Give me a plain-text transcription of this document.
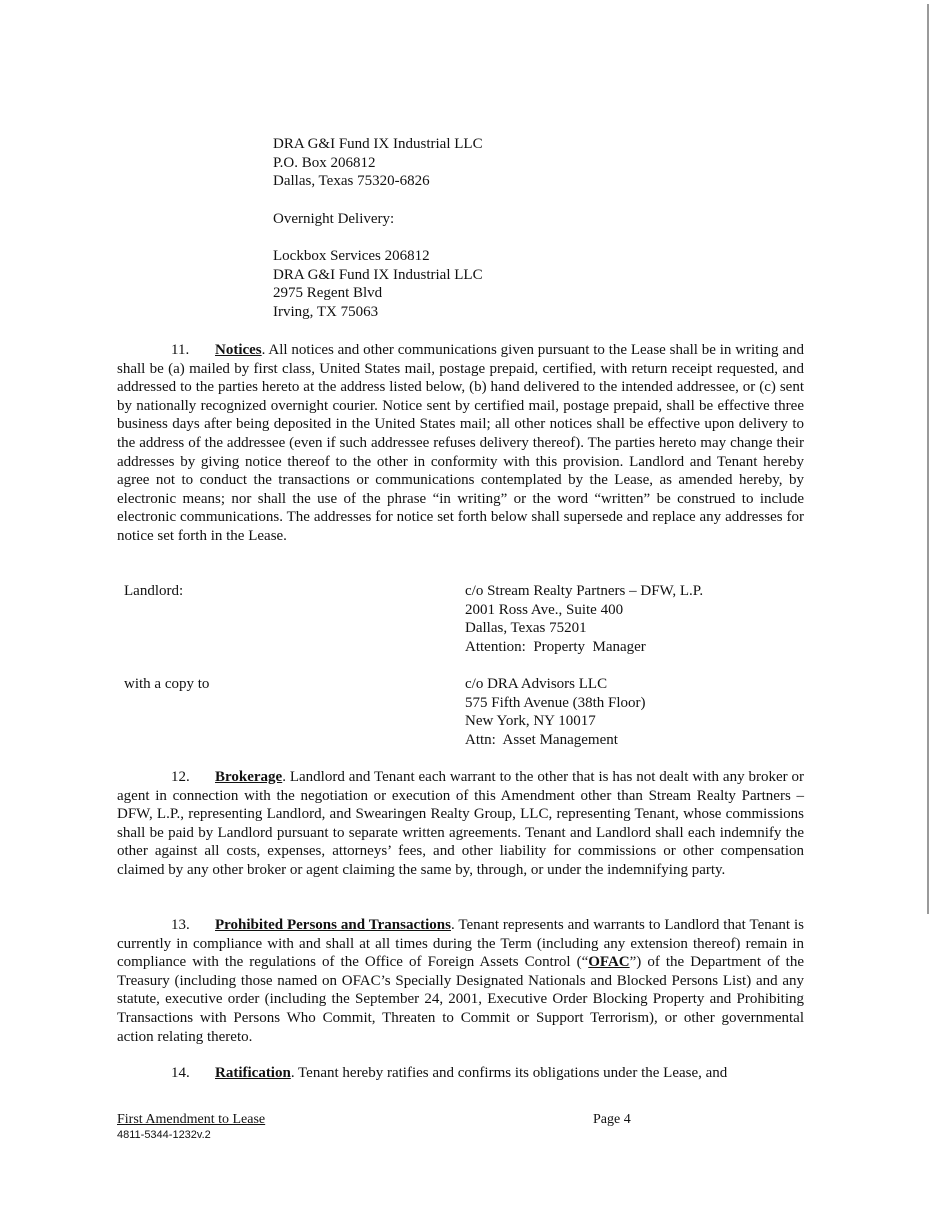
DRA G&I Fund IX Industrial LLC
P.O. Box 206812
Dallas, Texas 75320-6826
Overnight Delivery:
Lockbox Services 206812
DRA G&I Fund IX Industrial LLC
2975 Regent Blvd
Irving, TX 75063
11. Notices. All notices and other communications given pursuant to the Lease shall be in writing and shall be (a) mailed by first class, United States mail, postage prepaid, certified, with return receipt requested, and addressed to the parties hereto at the address listed below, (b) hand delivered to the intended addressee, or (c) sent by nationally recognized overnight courier. Notice sent by certified mail, postage prepaid, shall be effective three business days after being deposited in the United States mail; all other notices shall be effective upon delivery to the address of the addressee (even if such addressee refuses delivery thereof). The parties hereto may change their addresses by giving notice thereof to the other in conformity with this provision. Landlord and Tenant hereby agree not to conduct the transactions or communications contemplated by the Lease, as amended hereby, by electronic means; nor shall the use of the phrase “in writing” or the word “written” be construed to include electronic communications. The addresses for notice set forth below shall supersede and replace any addresses for notice set forth in the Lease.
Landlord:	c/o Stream Realty Partners – DFW, L.P.
2001 Ross Ave., Suite 400
Dallas, Texas 75201
Attention:  Property  Manager
with a copy to	c/o DRA Advisors LLC
575 Fifth Avenue (38th Floor)
New York, NY 10017
Attn:  Asset Management
12. Brokerage. Landlord and Tenant each warrant to the other that is has not dealt with any broker or agent in connection with the negotiation or execution of this Amendment other than Stream Realty Partners – DFW, L.P., representing Landlord, and Swearingen Realty Group, LLC, representing Tenant, whose commissions shall be paid by Landlord pursuant to separate written agreements. Tenant and Landlord shall each indemnify the other against all costs, expenses, attorneys’ fees, and other liability for commissions or other compensation claimed by any other broker or agent claiming the same by, through, or under the indemnifying party.
13. Prohibited Persons and Transactions. Tenant represents and warrants to Landlord that Tenant is currently in compliance with and shall at all times during the Term (including any extension thereof) remain in compliance with the regulations of the Office of Foreign Assets Control (“OFAC”) of the Department of the Treasury (including those named on OFAC’s Specially Designated Nationals and Blocked Persons List) and any statute, executive order (including the September 24, 2001, Executive Order Blocking Property and Prohibiting Transactions with Persons Who Commit, Threaten to Commit or Support Terrorism), or other governmental action relating thereto.
14. Ratification. Tenant hereby ratifies and confirms its obligations under the Lease, and
First Amendment to Lease
4811-5344-1232v.2
Page 4
